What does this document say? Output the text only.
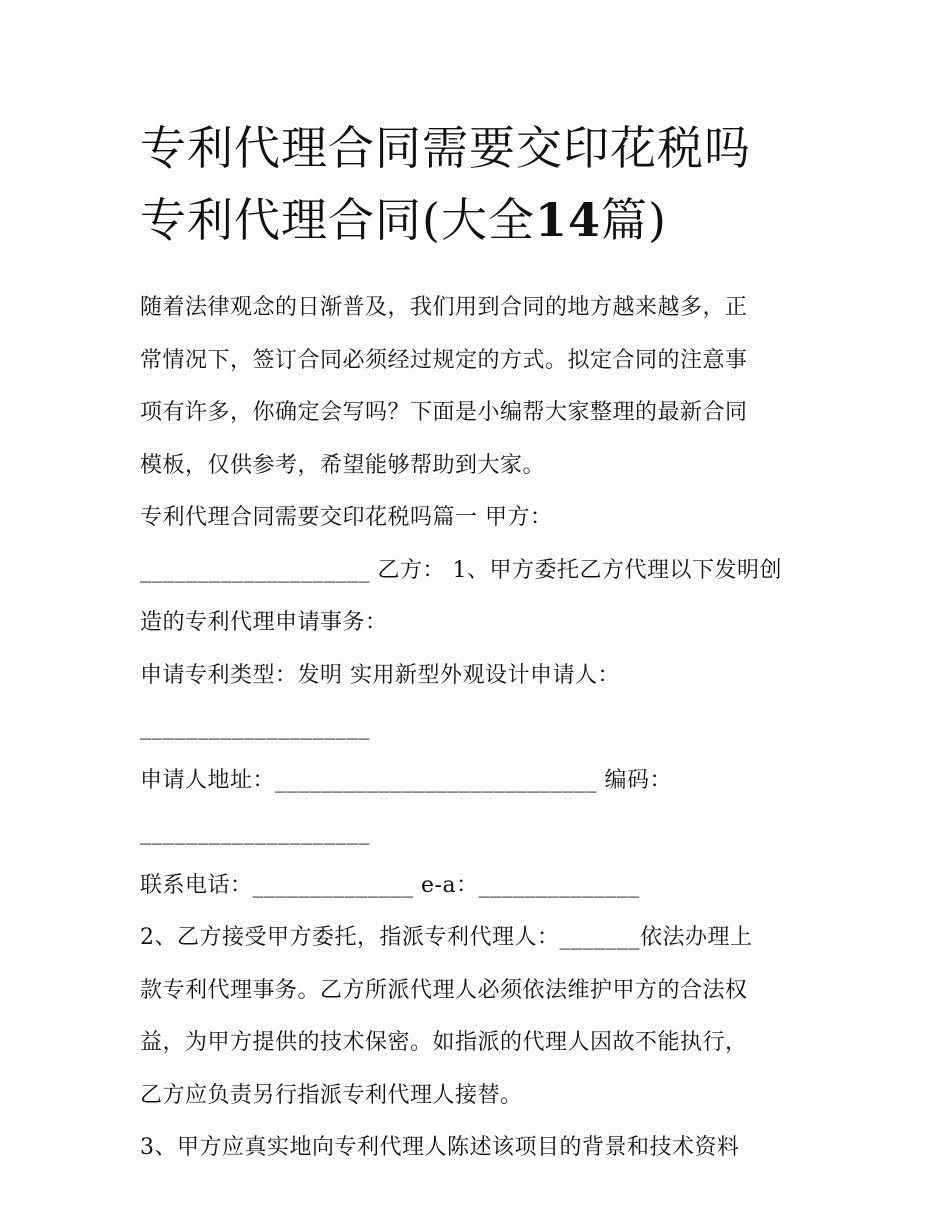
专利代理合同需要交印花税吗
专利代理合同(大全14篇)

随着法律观念的日渐普及，我们用到合同的地方越来越多，正

常情况下，签订合同必须经过规定的方式。拟定合同的注意事

项有许多，你确定会写吗？下面是小编帮大家整理的最新合同

模板，仅供参考，希望能够帮助到大家。

专利代理合同需要交印花税吗篇一 甲方：

____________________ 乙方： 1、甲方委托乙方代理以下发明创

造的专利代理申请事务：

申请专利类型：发明 实用新型外观设计申请人：

____________________

申请人地址：____________________________ 编码：

____________________

联系电话：______________ e-a：______________

2、乙方接受甲方委托，指派专利代理人：_______依法办理上

款专利代理事务。乙方所派代理人必须依法维护甲方的合法权

益，为甲方提供的技术保密。如指派的代理人因故不能执行，

乙方应负责另行指派专利代理人接替。

3、甲方应真实地向专利代理人陈述该项目的背景和技术资料
